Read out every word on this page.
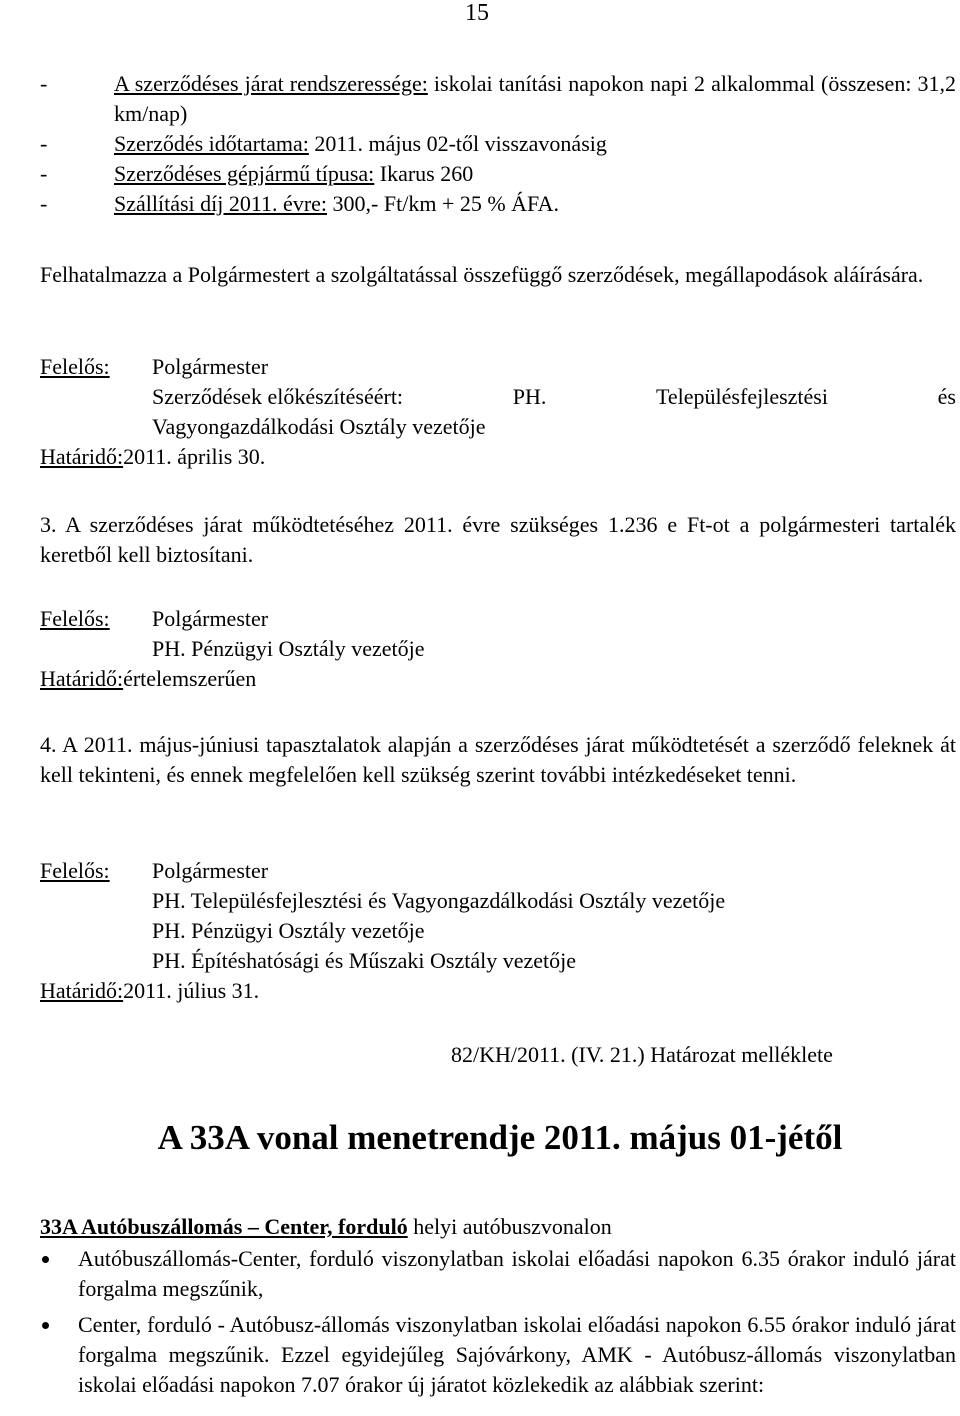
15
-	A szerződéses járat rendszeressége: iskolai tanítási napokon napi 2 alkalommal (összesen: 31,2 km/nap)
-	Szerződés időtartama: 2011. május 02-től visszavonásig
-	Szerződéses gépjármű típusa: Ikarus 260
-	Szállítási díj 2011. évre: 300,- Ft/km + 25 % ÁFA.

Felhatalmazza a Polgármestert a szolgáltatással összefüggő szerződések, megállapodások aláírására.

Felelős:	Polgármester
Szerződések előkészítéséért:	PH.	Településfejlesztési	és
Vagyongazdálkodási Osztály vezetője
Határidő: 2011. április 30.

3. A szerződéses járat működtetéséhez 2011. évre szükséges 1.236 e Ft-ot a polgármesteri tartalék keretből kell biztosítani.

Felelős:	Polgármester
PH. Pénzügyi Osztály vezetője
Határidő: értelemszerűen

4. A 2011. május-júniusi tapasztalatok alapján a szerződéses járat működtetését a szerződő feleknek át kell tekinteni, és ennek megfelelően kell szükség szerint további intézkedéseket tenni.

Felelős:	Polgármester
PH. Településfejlesztési és Vagyongazdálkodási Osztály vezetője
PH. Pénzügyi Osztály vezetője
PH. Építéshatósági és Műszaki Osztály vezetője
Határidő: 2011. július 31.
82/KH/2011. (IV. 21.) Határozat melléklete
A 33A vonal menetrendje 2011. május 01-jétől
33A Autóbuszállomás – Center, forduló helyi autóbuszvonalon
Autóbuszállomás-Center, forduló viszonylatban iskolai előadási napokon 6.35 órakor induló járat forgalma megszűnik,
Center, forduló - Autóbusz-állomás viszonylatban iskolai előadási napokon 6.55 órakor induló járat forgalma megszűnik. Ezzel egyidejűleg Sajóvárkony, AMK - Autóbusz-állomás viszonylatban iskolai előadási napokon 7.07 órakor új járatot közlekedik az alábbiak szerint:
